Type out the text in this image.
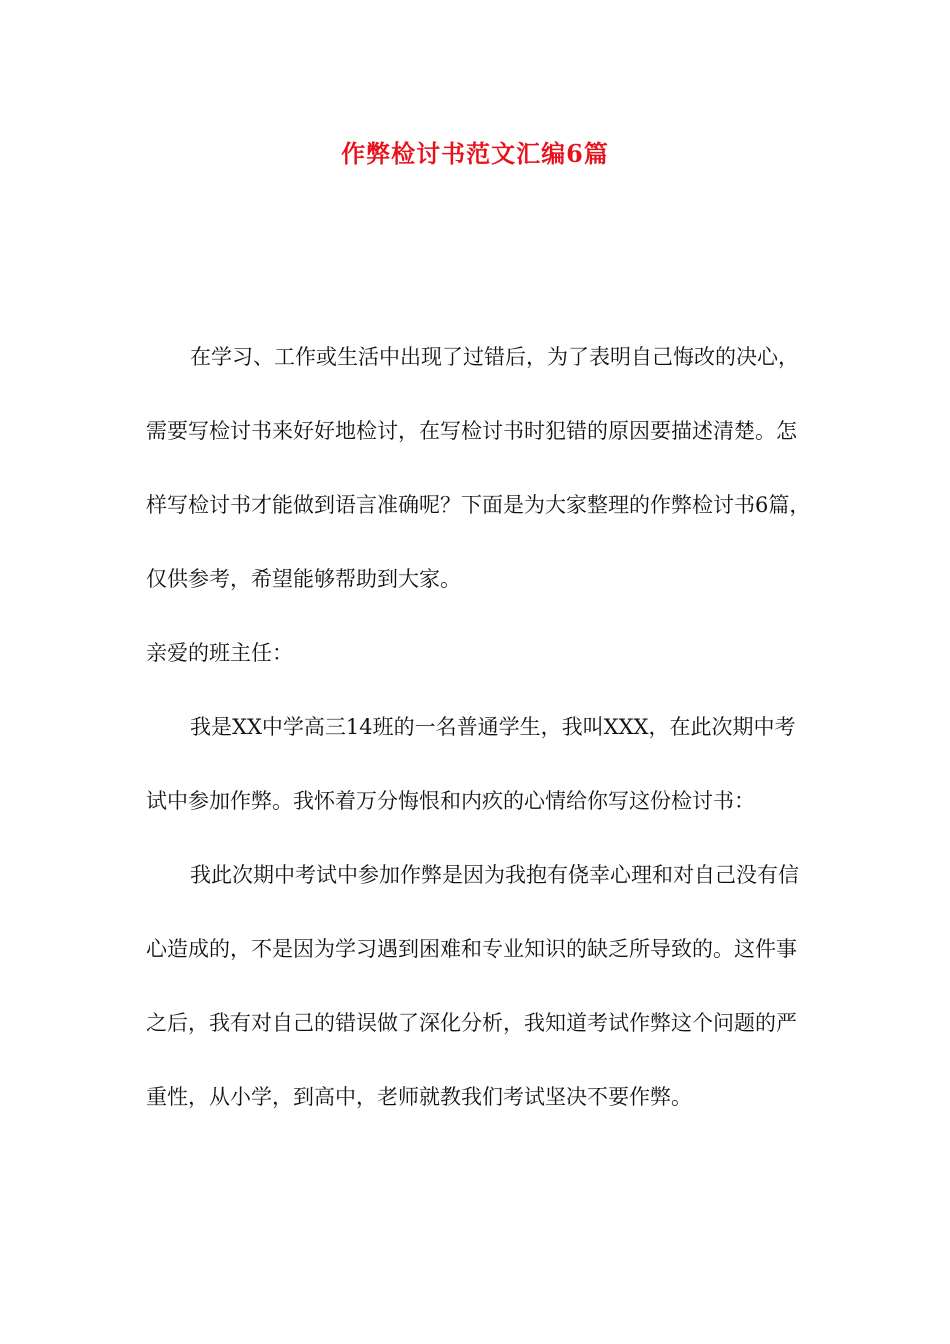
作弊检讨书范文汇编6篇

在学习、工作或生活中出现了过错后，为了表明自己悔改的决心，需要写检讨书来好好地检讨，在写检讨书时犯错的原因要描述清楚。怎样写检讨书才能做到语言准确呢？下面是为大家整理的作弊检讨书6篇，仅供参考，希望能够帮助到大家。

亲爱的班主任：

我是XX中学高三14班的一名普通学生，我叫XXX，在此次期中考试中参加作弊。我怀着万分悔恨和内疚的心情给你写这份检讨书：

我此次期中考试中参加作弊是因为我抱有侥幸心理和对自己没有信心造成的，不是因为学习遇到困难和专业知识的缺乏所导致的。这件事之后，我有对自己的错误做了深化分析，我知道考试作弊这个问题的严重性，从小学，到高中，老师就教我们考试坚决不要作弊。
